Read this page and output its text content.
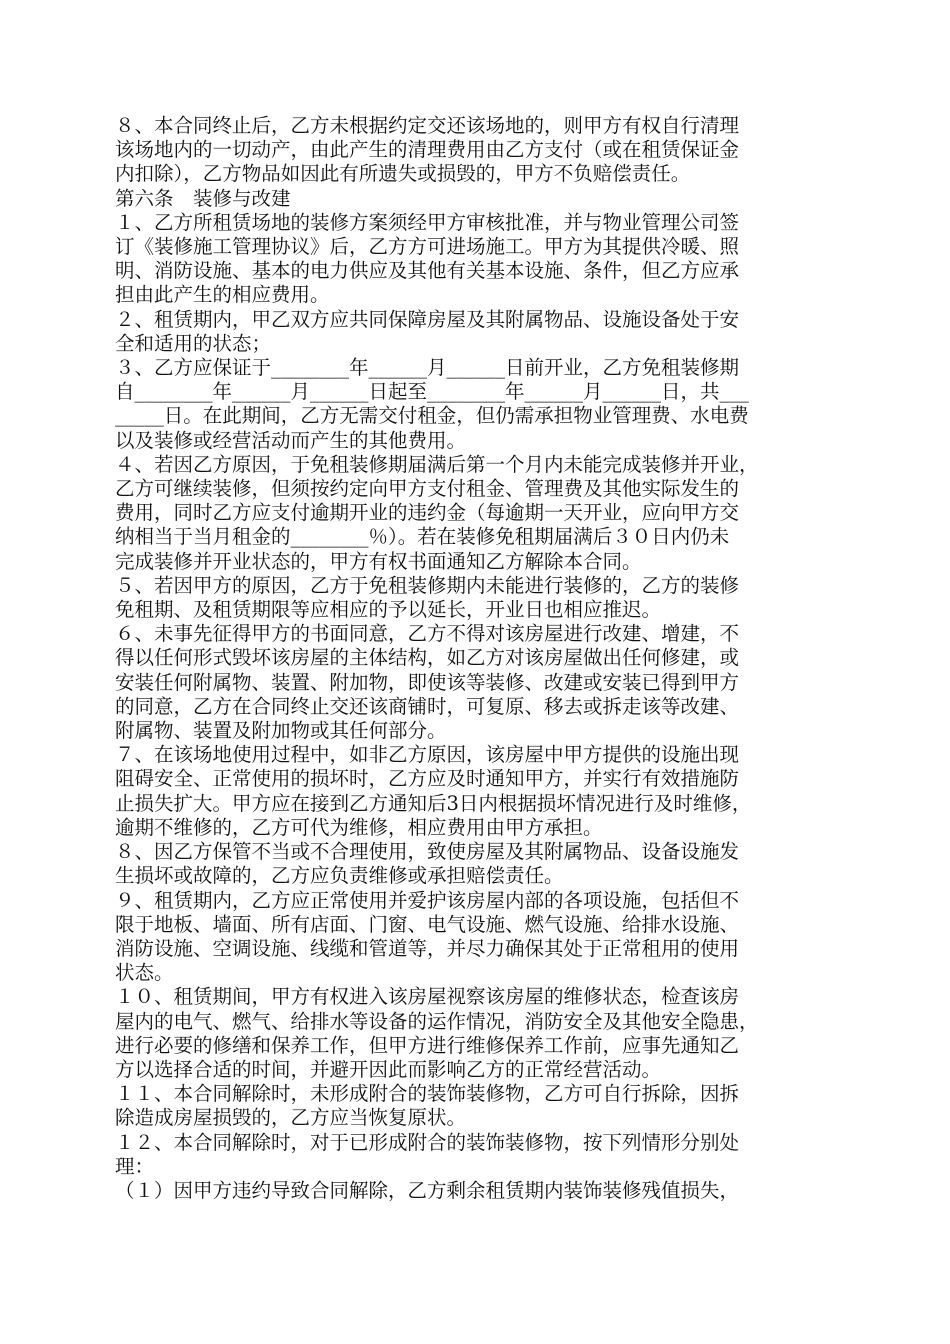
８、本合同终止后，乙方未根据约定交还该场地的，则甲方有权自行清理
该场地内的一切动产，由此产生的清理费用由乙方支付（或在租赁保证金
内扣除），乙方物品如因此有所遗失或损毁的，甲方不负赔偿责任。
第六条　装修与改建
１、乙方所租赁场地的装修方案须经甲方审核批准，并与物业管理公司签
订《装修施工管理协议》后，乙方方可进场施工。甲方为其提供冷暖、照
明、消防设施、基本的电力供应及其他有关基本设施、条件，但乙方应承
担由此产生的相应费用。
２、租赁期内，甲乙双方应共同保障房屋及其附属物品、设施设备处于安
全和适用的状态；
３、乙方应保证于________年______月______日前开业，乙方免租装修期
自________年______月______日起至________年______月______日，共___
_____日。在此期间，乙方无需交付租金，但仍需承担物业管理费、水电费
以及装修或经营活动而产生的其他费用。
４、若因乙方原因，于免租装修期届满后第一个月内未能完成装修并开业，
乙方可继续装修，但须按约定向甲方支付租金、管理费及其他实际发生的
费用，同时乙方应支付逾期开业的违约金（每逾期一天开业，应向甲方交
纳相当于当月租金的________％）。若在装修免租期届满后３０日内仍未
完成装修并开业状态的，甲方有权书面通知乙方解除本合同。
５、若因甲方的原因，乙方于免租装修期内未能进行装修的，乙方的装修
免租期、及租赁期限等应相应的予以延长，开业日也相应推迟。
６、未事先征得甲方的书面同意，乙方不得对该房屋进行改建、增建，不
得以任何形式毁坏该房屋的主体结构，如乙方对该房屋做出任何修建，或
安装任何附属物、装置、附加物，即使该等装修、改建或安装已得到甲方
的同意，乙方在合同终止交还该商铺时，可复原、移去或拆走该等改建、
附属物、装置及附加物或其任何部分。
７、在该场地使用过程中，如非乙方原因，该房屋中甲方提供的设施出现
阻碍安全、正常使用的损坏时，乙方应及时通知甲方，并实行有效措施防
止损失扩大。甲方应在接到乙方通知后3日内根据损坏情况进行及时维修，
逾期不维修的，乙方可代为维修，相应费用由甲方承担。
８、因乙方保管不当或不合理使用，致使房屋及其附属物品、设备设施发
生损坏或故障的，乙方应负责维修或承担赔偿责任。
９、租赁期内，乙方应正常使用并爱护该房屋内部的各项设施，包括但不
限于地板、墙面、所有店面、门窗、电气设施、燃气设施、给排水设施、
消防设施、空调设施、线缆和管道等，并尽力确保其处于正常租用的使用
状态。
１０、租赁期间，甲方有权进入该房屋视察该房屋的维修状态，检查该房
屋内的电气、燃气、给排水等设备的运作情况，消防安全及其他安全隐患，
进行必要的修缮和保养工作，但甲方进行维修保养工作前，应事先通知乙
方以选择合适的时间，并避开因此而影响乙方的正常经营活动。
１１、本合同解除时，未形成附合的装饰装修物，乙方可自行拆除，因拆
除造成房屋损毁的，乙方应当恢复原状。
１２、本合同解除时，对于已形成附合的装饰装修物，按下列情形分别处
理：
（１）因甲方违约导致合同解除，乙方剩余租赁期内装饰装修残值损失，
